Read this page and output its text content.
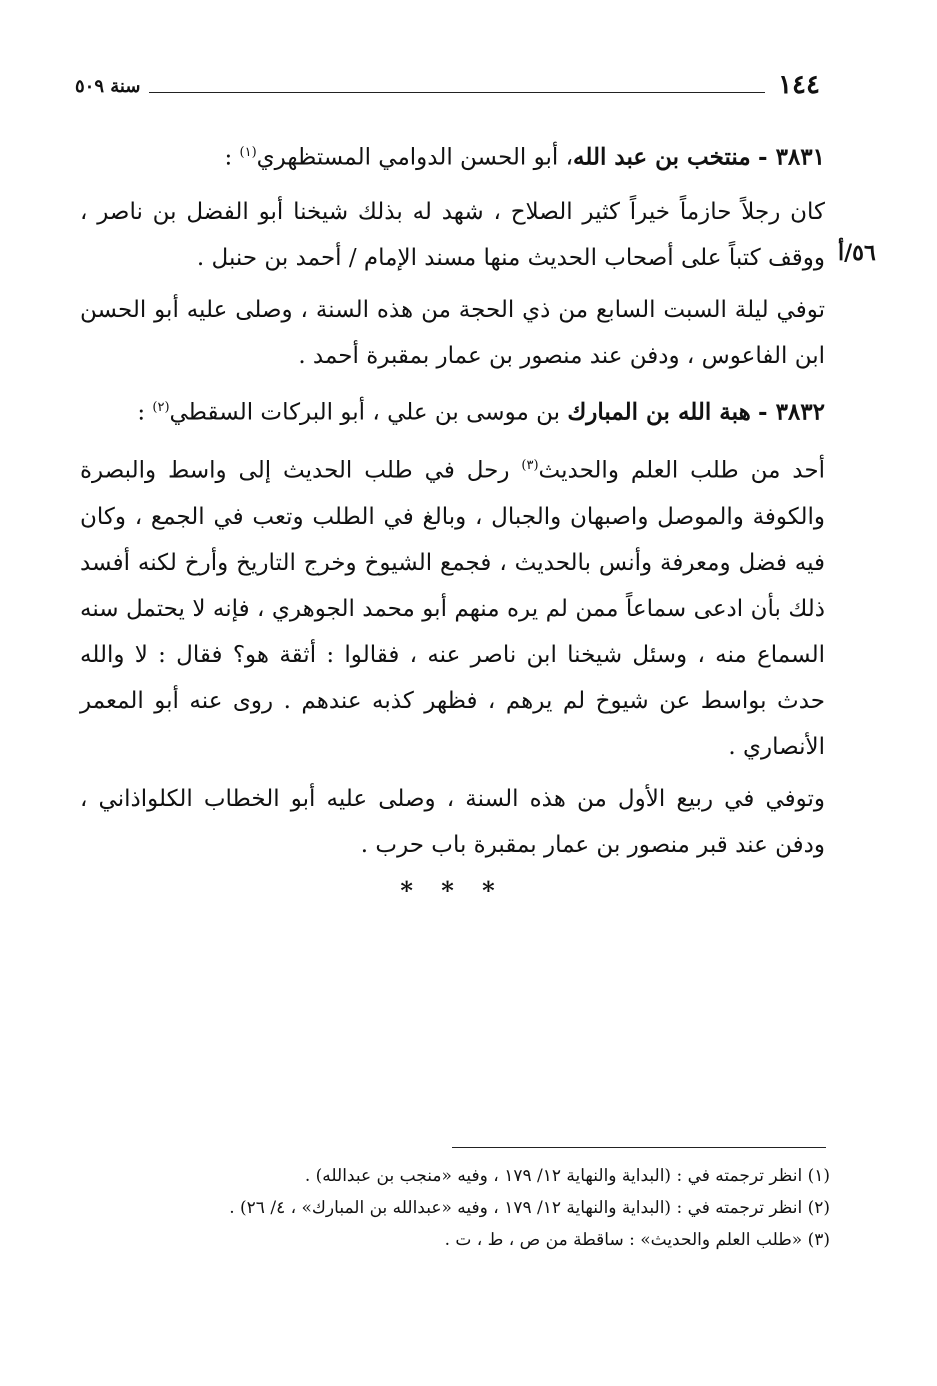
١٤٤
سنة ٥٠٩
٥٦/أ

٣٨٣١ - منتخب بن عبد الله، أبو الحسن الدوامي المستظهري$^{(١)}$ :

كان رجلاً حازماً خيراً كثير الصلاح ، شهد له بذلك شيخنا أبو الفضل بن ناصر ، ووقف كتباً على أصحاب الحديث منها مسند الإمام / أحمد بن حنبل .

توفي ليلة السبت السابع من ذي الحجة من هذه السنة ، وصلى عليه أبو الحسن ابن الفاعوس ، ودفن عند منصور بن عمار بمقبرة أحمد .

٣٨٣٢ - هبة الله بن المبارك بن موسى بن علي ، أبو البركات السقطي$^{(٢)}$ :

أحد من طلب العلم والحديث$^{(٣)}$ رحل في طلب الحديث إلى واسط والبصرة والكوفة والموصل واصبهان والجبال ، وبالغ في الطلب وتعب في الجمع ، وكان فيه فضل ومعرفة وأنس بالحديث ، فجمع الشيوخ وخرج التاريخ وأرخ لكنه أفسد ذلك بأن ادعى سماعاً ممن لم يره منهم أبو محمد الجوهري ، فإنه لا يحتمل سنه السماع منه ، وسئل شيخنا ابن ناصر عنه ، فقالوا : أثقة هو؟ فقال : لا والله حدث بواسط عن شيوخ لم يرهم ، فظهر كذبه عندهم . روى عنه أبو المعمر الأنصاري .

وتوفي في ربيع الأول من هذه السنة ، وصلى عليه أبو الخطاب الكلواذاني ، ودفن عند قبر منصور بن عمار بمقبرة باب حرب .

* * *

(١) انظر ترجمته في : (البداية والنهاية ١٢/ ١٧٩ ، وفيه «منجب بن عبدالله) .

(٢) انظر ترجمته في : (البداية والنهاية ١٢/ ١٧٩ ، وفيه «عبدالله بن المبارك» ، ٤/ ٢٦) .

(٣) «طلب العلم والحديث» : ساقطة من ص ، ط ، ت .
